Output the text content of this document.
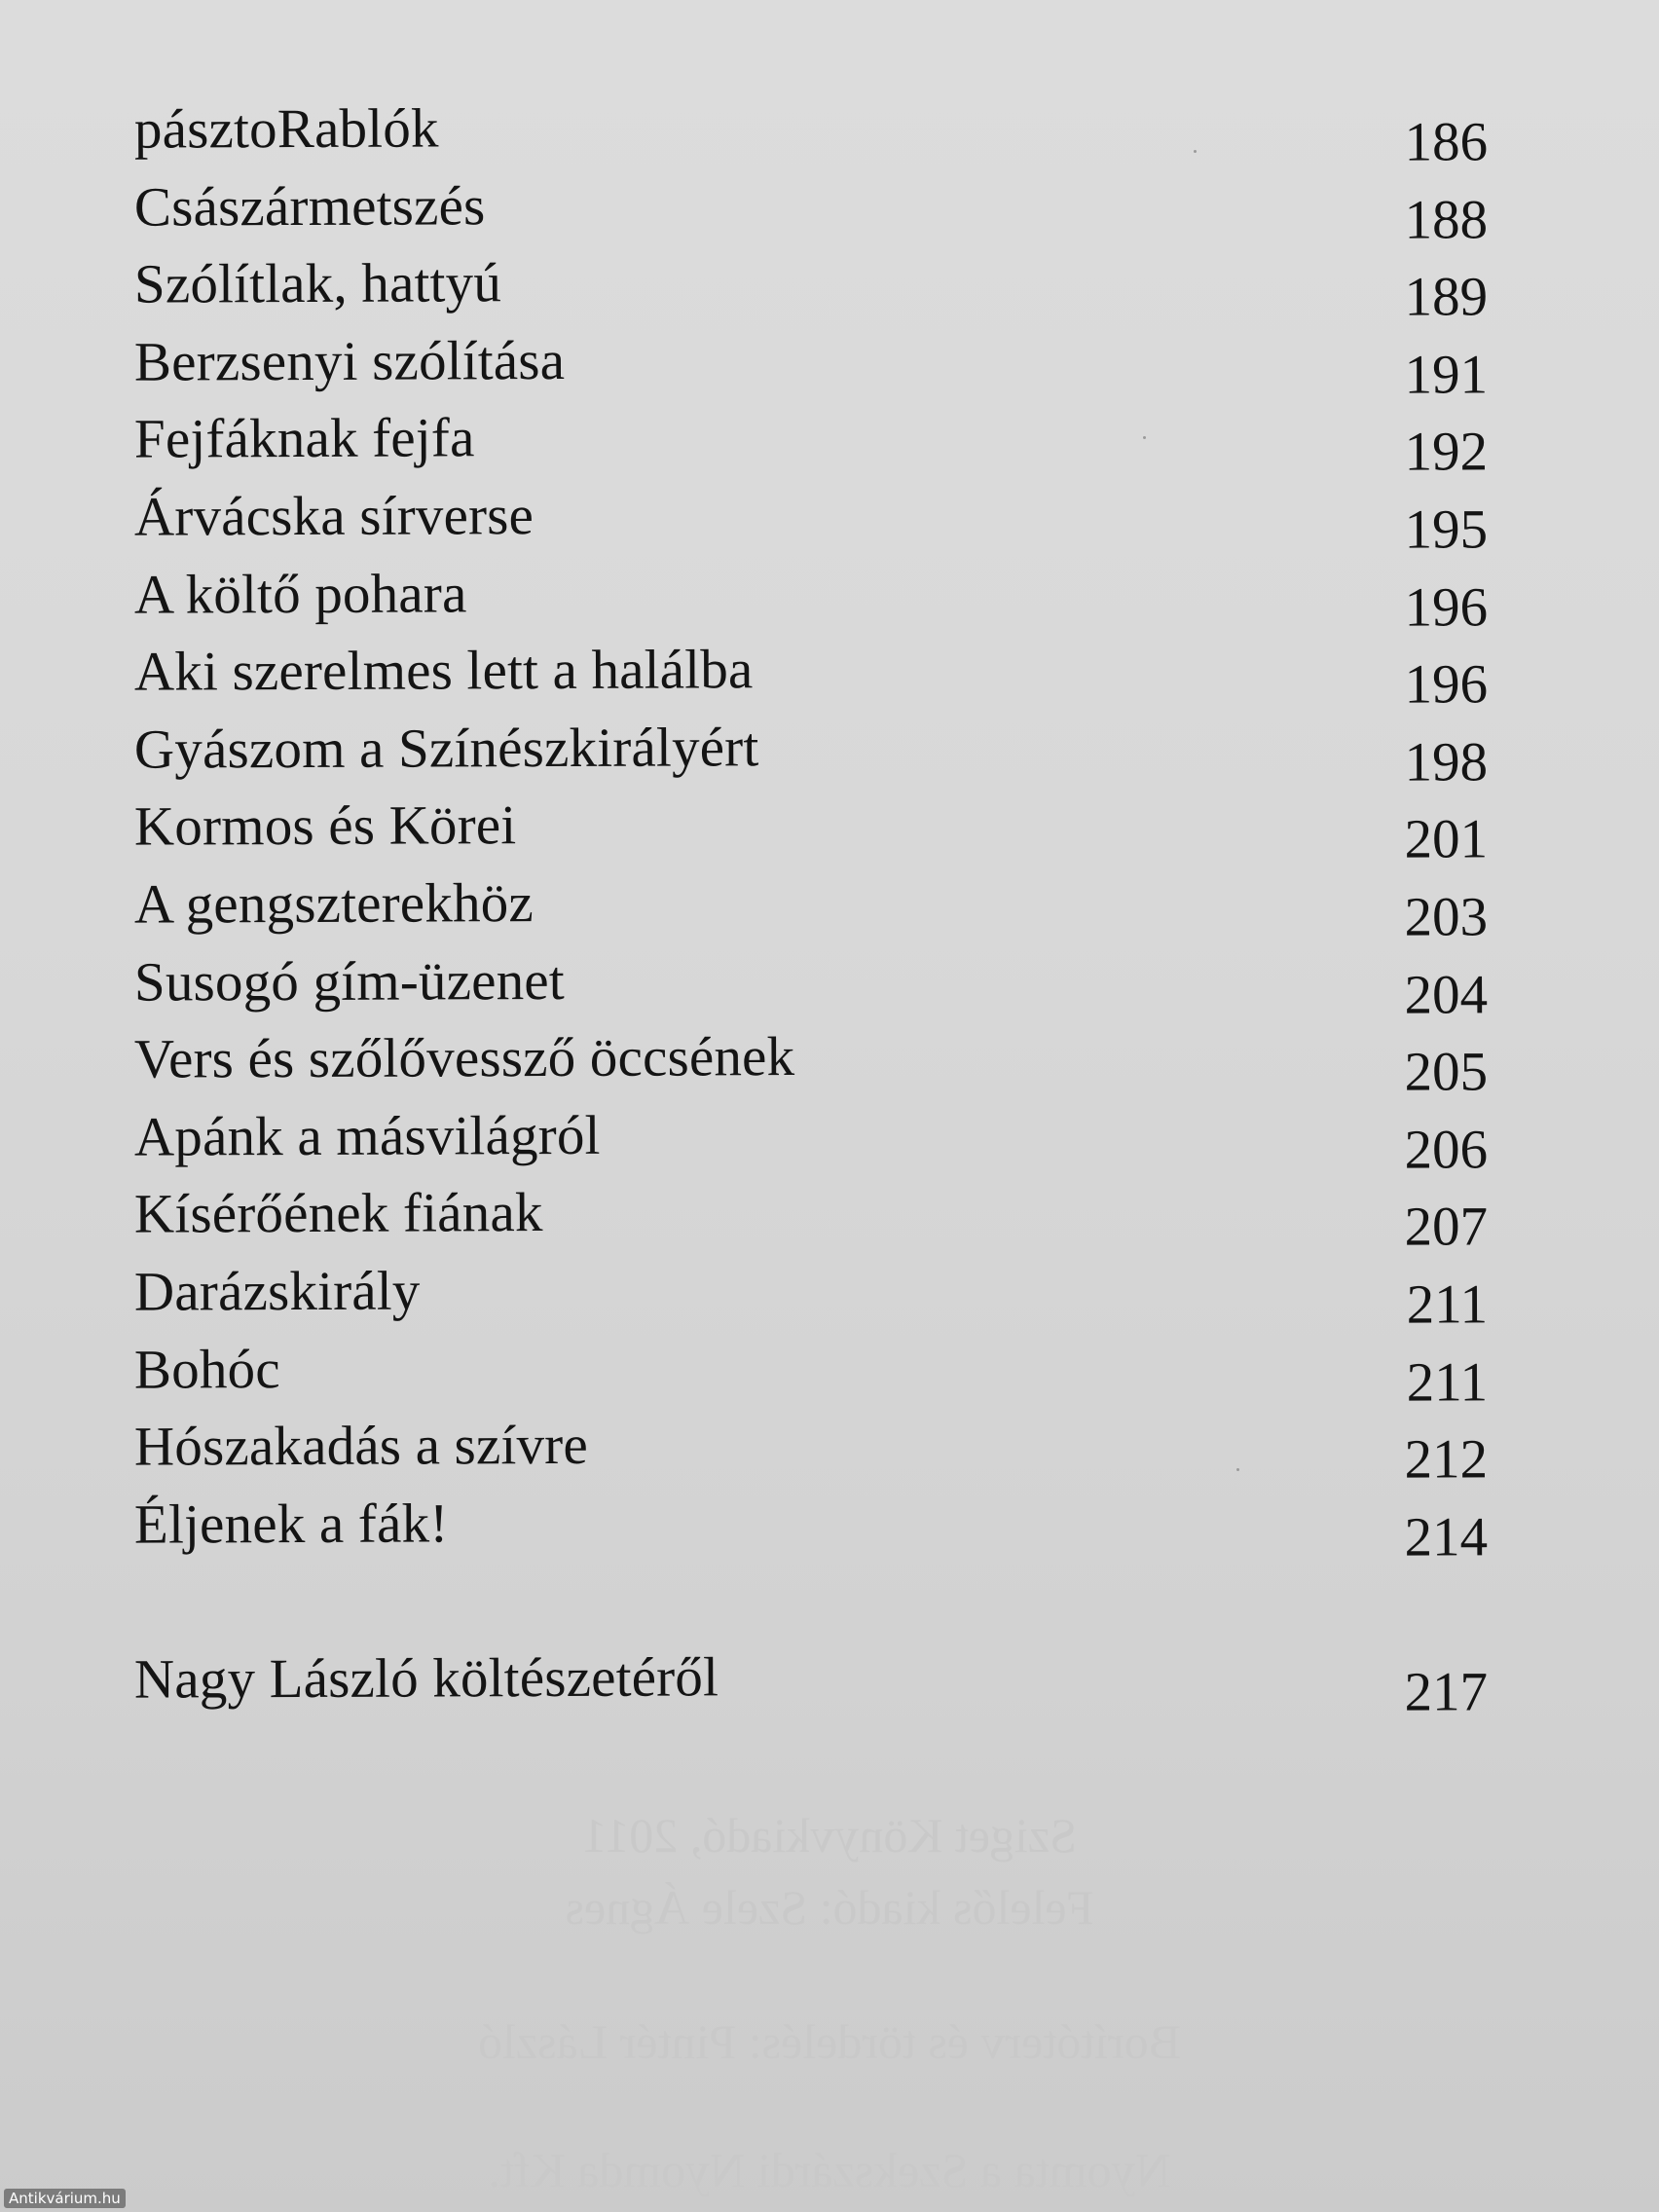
pásztoRablók	186
Császármetszés	188
Szólítlak, hattyú	189
Berzsenyi szólítása	191
Fejfáknak fejfa	192
Árvácska sírverse	195
A költő pohara	196
Aki szerelmes lett a halálba	196
Gyászom a Színészkirályért	198
Kormos és Körei	201
A gengszterekhöz	203
Susogó gím-üzenet	204
Vers és szőlővessző öccsének	205
Apánk a másvilágról	206
Kísérőének fiának	207
Darázskirály	211
Bohóc	211
Hószakadás a szívre	212
Éljenek a fák!	214
Nagy László költészetéről	217
Sziget Könyvkiadó, 2011
Felelős kiadó: Szele Ágnes
Borítóterv és tördelés: Pintér László
Nyomta a Szekszárdi Nyomda Kft.
Antikvárium.hu
